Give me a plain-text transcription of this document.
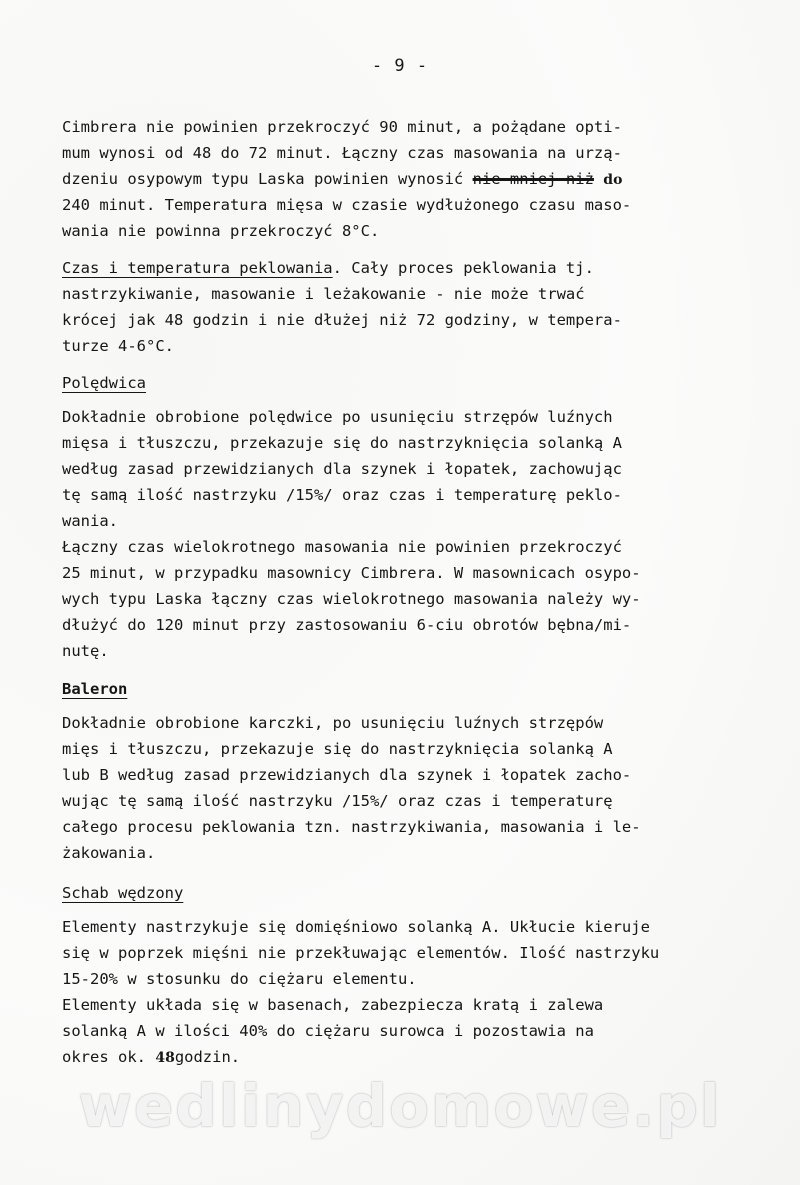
- 9 -
Cimbrera nie powinien przekroczyć 90 minut, a pożądane opti-
mum wynosi od 48 do 72 minut. Łączny czas masowania na urzą-
dzeniu osypowym typu Laska powinien wynosić nie mniej niż do
240 minut. Temperatura mięsa w czasie wydłużonego czasu maso-
wania nie powinna przekroczyć 8°C.
Czas i temperatura peklowania. Cały proces peklowania tj.
nastrzykiwanie, masowanie i leżakowanie - nie może trwać
krócej jak 48 godzin i nie dłużej niż 72 godziny, w tempera-
turze 4-6°C.
Polędwica
Dokładnie obrobione polędwice po usunięciu strzępów luźnych
mięsa i tłuszczu, przekazuje się do nastrzyknięcia solanką A
według zasad przewidzianych dla szynek i łopatek, zachowując
tę samą ilość nastrzyku /15%/ oraz czas i temperaturę peklo-
wania.
Łączny czas wielokrotnego masowania nie powinien przekroczyć
25 minut, w przypadku masownicy Cimbrera. W masownicach osypo-
wych typu Laska łączny czas wielokrotnego masowania należy wy-
dłużyć do 120 minut przy zastosowaniu 6-ciu obrotów bębna/mi-
nutę.
Baleron
Dokładnie obrobione karczki, po usunięciu luźnych strzępów
mięs i tłuszczu, przekazuje się do nastrzyknięcia solanką A
lub B według zasad przewidzianych dla szynek i łopatek zacho-
wując tę samą ilość nastrzyku /15%/ oraz czas i temperaturę
całego procesu peklowania tzn. nastrzykiwania, masowania i le-
żakowania.
Schab wędzony
Elementy nastrzykuje się domięśniowo solanką A. Ukłucie kieruje
się w poprzek mięśni nie przekłuwając elementów. Ilość nastrzyku
15-20% w stosunku do ciężaru elementu.
Elementy układa się w basenach, zabezpiecza kratą i zalewa
solanką A w ilości 40% do ciężaru surowca i pozostawia na
okres ok. 48godzin.
wedlinydomowe.pl
